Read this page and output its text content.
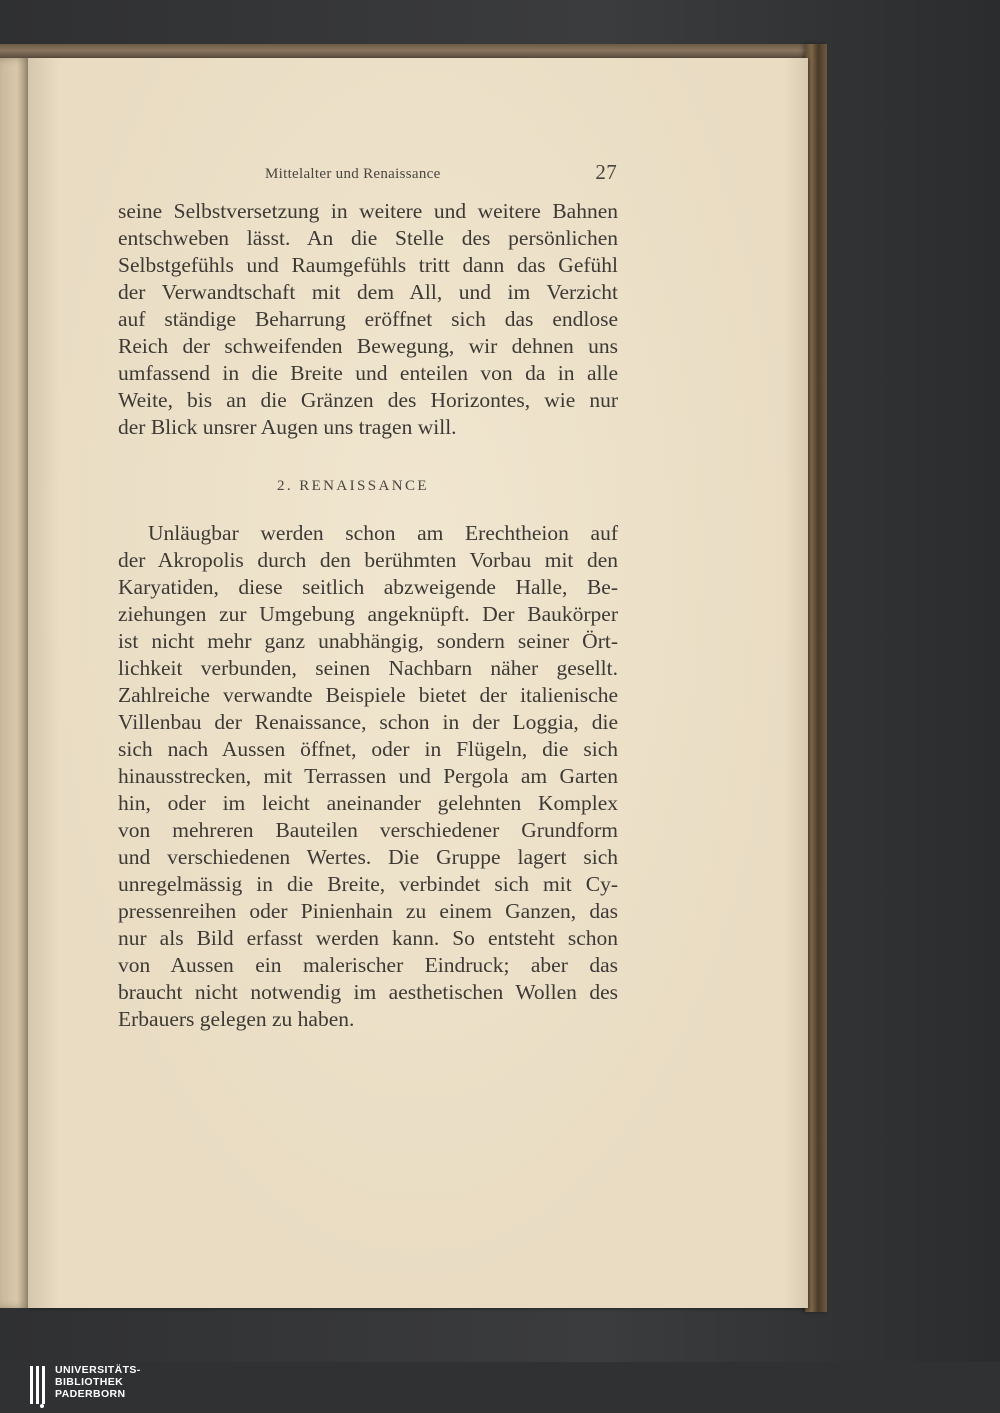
Mittelalter und Renaissance	27
seine Selbstversetzung in weitere und weitere Bahnen
entschweben lässt. An die Stelle des persönlichen
Selbstgefühls und Raumgefühls tritt dann das Gefühl
der Verwandtschaft mit dem All, und im Verzicht
auf ständige Beharrung eröffnet sich das endlose
Reich der schweifenden Bewegung, wir dehnen uns
umfassend in die Breite und enteilen von da in alle
Weite, bis an die Gränzen des Horizontes, wie nur
der Blick unsrer Augen uns tragen will.
2. RENAISSANCE
Unläugbar werden schon am Erechtheion auf
der Akropolis durch den berühmten Vorbau mit den
Karyatiden, diese seitlich abzweigende Halle, Be-
ziehungen zur Umgebung angeknüpft. Der Baukörper
ist nicht mehr ganz unabhängig, sondern seiner Ört-
lichkeit verbunden, seinen Nachbarn näher gesellt.
Zahlreiche verwandte Beispiele bietet der italienische
Villenbau der Renaissance, schon in der Loggia, die
sich nach Aussen öffnet, oder in Flügeln, die sich
hinausstrecken, mit Terrassen und Pergola am Garten
hin, oder im leicht aneinander gelehnten Komplex
von mehreren Bauteilen verschiedener Grundform
und verschiedenen Wertes. Die Gruppe lagert sich
unregelmässig in die Breite, verbindet sich mit Cy-
pressenreihen oder Pinienhain zu einem Ganzen, das
nur als Bild erfasst werden kann. So entsteht schon
von Aussen ein malerischer Eindruck; aber das
braucht nicht notwendig im aesthetischen Wollen des
Erbauers gelegen zu haben.
UNIVERSITÄTS-
BIBLIOTHEK
PADERBORN
